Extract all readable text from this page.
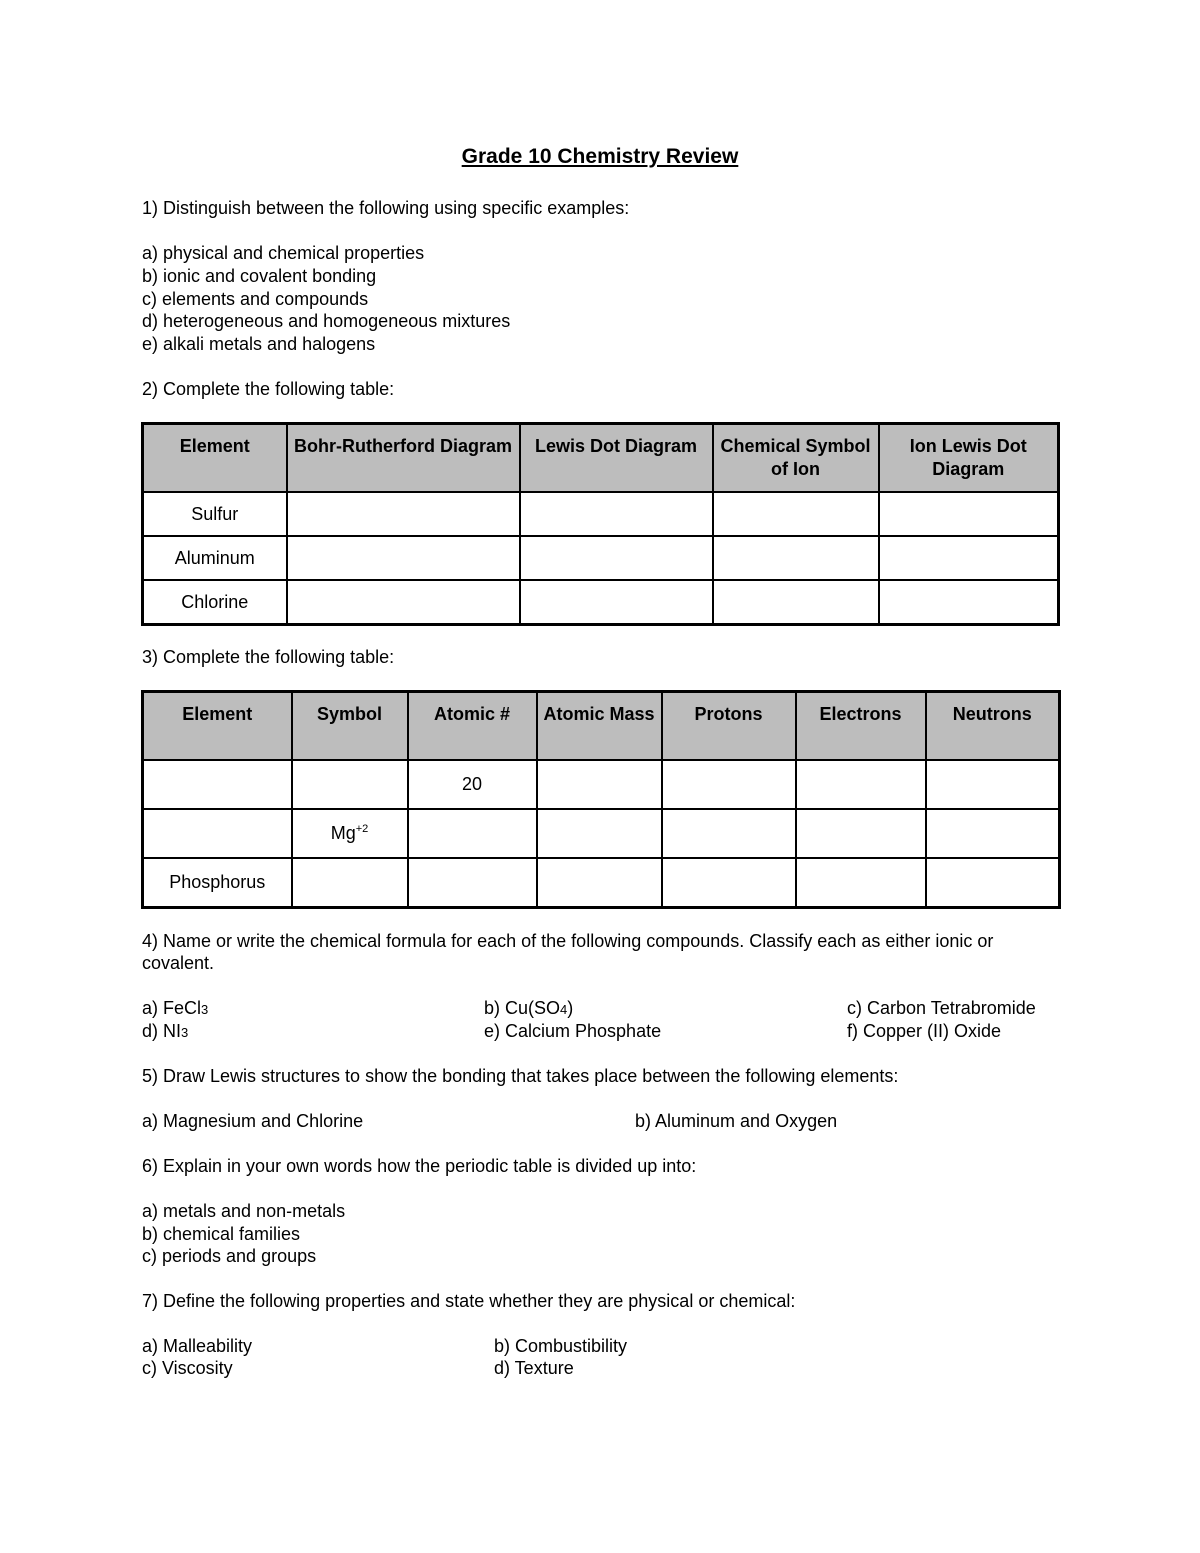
Grade 10 Chemistry Review
1) Distinguish between the following using specific examples:
a) physical and chemical properties
b) ionic and covalent bonding
c) elements and compounds
d) heterogeneous and homogeneous mixtures
e) alkali metals and halogens
2) Complete the following table:
Element	Bohr-Rutherford Diagram	Lewis Dot Diagram	Chemical Symbol of Ion	Ion Lewis Dot Diagram
Sulfur				
Aluminum				
Chlorine				
3) Complete the following table:
Element	Symbol	Atomic #	Atomic Mass	Protons	Electrons	Neutrons
		20				
	$Mg^{+2}$					
Phosphorus						
4) Name or write the chemical formula for each of the following compounds. Classify each as either ionic or covalent.
a) FeCl3	b) Cu(SO4)	c) Carbon Tetrabromide
d) NI3	e) Calcium Phosphate	f) Copper (II) Oxide
5) Draw Lewis structures to show the bonding that takes place between the following elements:
a) Magnesium and Chlorine	b) Aluminum and Oxygen
6) Explain in your own words how the periodic table is divided up into:
a) metals and non-metals
b) chemical families
c) periods and groups
7) Define the following properties and state whether they are physical or chemical:
a) Malleability	b) Combustibility
c) Viscosity	d) Texture
